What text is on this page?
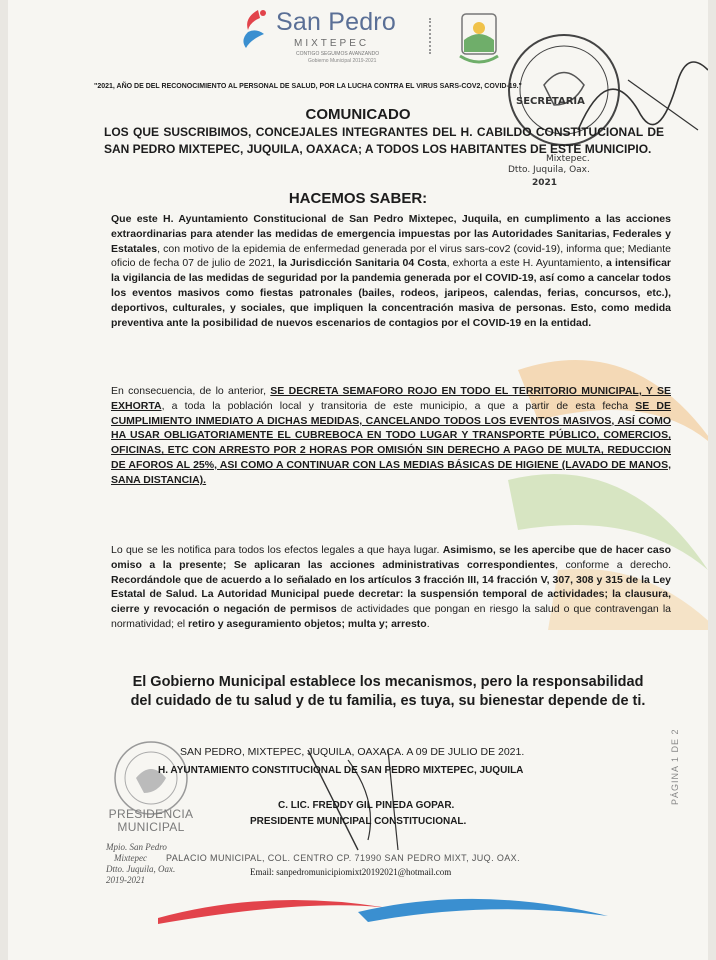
San Pedro
MIXTEPEC
CONTIGO SEGUIMOS AVANZANDO
Gobierno Municipal 2019-2021
SECRETARIA
Mixtepec.
Dtto. Juquila, Oax.
2021
"2021, AÑO DE DEL RECONOCIMIENTO AL PERSONAL DE SALUD, POR LA LUCHA CONTRA EL VIRUS SARS-COV2, COVID-19."
COMUNICADO
LOS QUE SUSCRIBIMOS, CONCEJALES INTEGRANTES DEL H. CABILDO CONSTITUCIONAL DE SAN PEDRO MIXTEPEC, JUQUILA, OAXACA; A TODOS LOS HABITANTES DE ESTE MUNICIPIO.
HACEMOS SABER:
Que este H. Ayuntamiento Constitucional de San Pedro Mixtepec, Juquila, en cumplimento a las acciones extraordinarias para atender las medidas de emergencia impuestas por las Autoridades Sanitarias, Federales y Estatales, con motivo de la epidemia de enfermedad generada por el virus sars-cov2 (covid-19), informa que; Mediante oficio de fecha 07 de julio de 2021, la Jurisdicción Sanitaria 04 Costa, exhorta a este H. Ayuntamiento, a intensificar la vigilancia de las medidas de seguridad por la pandemia generada por el COVID-19, así como a cancelar todos los eventos masivos como fiestas patronales (bailes, rodeos, jaripeos, calendas, ferias, concursos, etc.), deportivos, culturales, y sociales, que impliquen la concentración masiva de personas. Esto, como medida preventiva ante la posibilidad de nuevos escenarios de contagios por el COVID-19 en la entidad.
En consecuencia, de lo anterior, SE DECRETA SEMAFORO ROJO EN TODO EL TERRITORIO MUNICIPAL, Y SE EXHORTA, a toda la población local y transitoria de este municipio, a que a partir de esta fecha SE DE CUMPLIMIENTO INMEDIATO A DICHAS MEDIDAS, CANCELANDO TODOS LOS EVENTOS MASIVOS, ASÍ COMO HA USAR OBLIGATORIAMENTE EL CUBREBOCA EN TODO LUGAR Y TRANSPORTE PÚBLICO, COMERCIOS, OFICINAS, ETC CON ARRESTO POR 2 HORAS POR OMISIÓN SIN DERECHO A PAGO DE MULTA, REDUCCION DE AFOROS AL 25%, ASI COMO A CONTINUAR CON LAS MEDIAS BÁSICAS DE HIGIENE (LAVADO DE MANOS, SANA DISTANCIA).
Lo que se les notifica para todos los efectos legales a que haya lugar. Asimismo, se les apercibe que de hacer caso omiso a la presente; Se aplicaran las acciones administrativas correspondientes, conforme a derecho. Recordándole que de acuerdo a lo señalado en los artículos 3 fracción III, 14 fracción V, 307, 308 y 315 de la Ley Estatal de Salud. La Autoridad Municipal puede decretar: la suspensión temporal de actividades; la clausura, cierre y revocación o negación de permisos de actividades que pongan en riesgo la salud o que contravengan la normatividad; el retiro y aseguramiento objetos; multa y; arresto.
El Gobierno Municipal establece los mecanismos, pero la responsabilidad del cuidado de tu salud y de tu familia, es tuya, su bienestar depende de ti.
PRESIDENCIA
MUNICIPAL
Mpio. San Pedro
Mixtepec
Dtto. Juquila, Oax.
2019-2021
SAN PEDRO, MIXTEPEC, JUQUILA, OAXACA. A 09 DE JULIO DE 2021.
H. AYUNTAMIENTO CONSTITUCIONAL DE SAN PEDRO MIXTEPEC, JUQUILA
C. LIC. FREDDY GIL PINEDA GOPAR.
PRESIDENTE MUNICIPAL CONSTITUCIONAL.
PALACIO MUNICIPAL, COL. CENTRO CP. 71990 SAN PEDRO MIXT, JUQ. OAX.
Email: sanpedromunicipiomixt20192021@hotmail.com
PÁGINA 1 DE 2
